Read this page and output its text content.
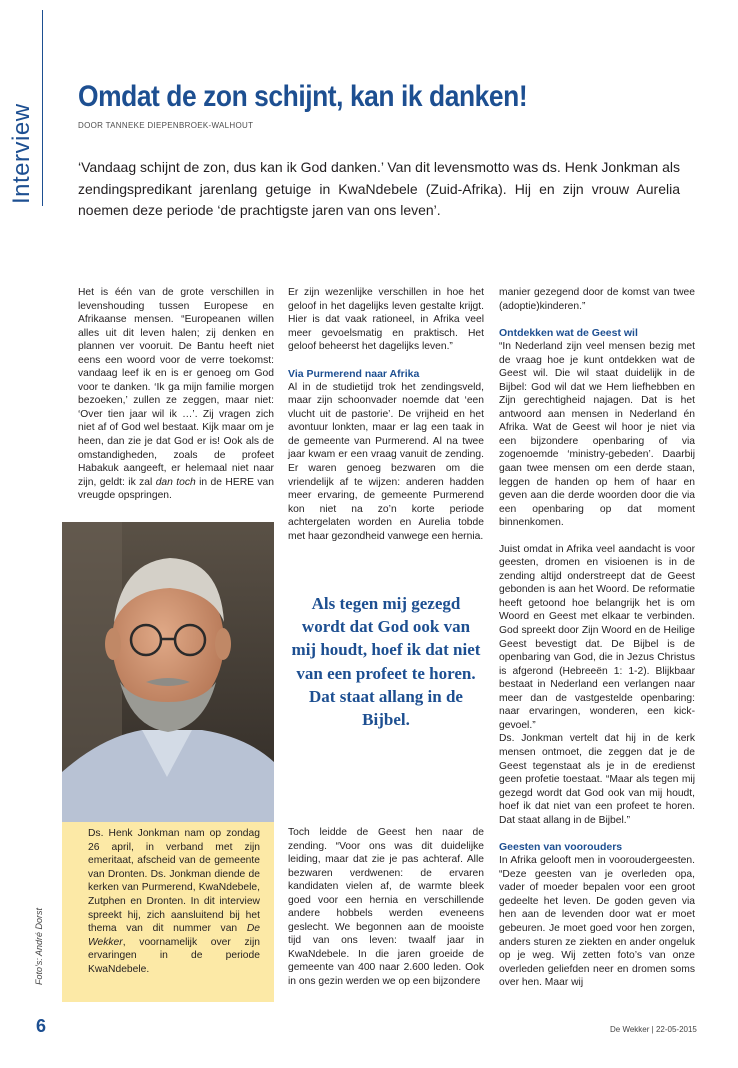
Interview
Omdat de zon schijnt, kan ik danken!
DOOR TANNEKE DIEPENBROEK-WALHOUT

‘Vandaag schijnt de zon, dus kan ik God danken.’ Van dit levensmotto was ds. Henk Jonkman als zendingspredikant jarenlang getuige in KwaNdebele (Zuid-Afrika). Hij en zijn vrouw Aurelia noemen deze periode ‘de prachtigste jaren van ons leven’.

Het is één van de grote verschillen in levenshouding tussen Europese en Afrikaanse mensen. “Europeanen willen alles uit dit leven halen; zij denken en plannen ver vooruit. De Bantu heeft niet eens een woord voor de verre toekomst: vandaag leef ik en is er genoeg om God voor te danken. ‘Ik ga mijn familie morgen bezoeken,’ zullen ze zeggen, maar niet: ‘Over tien jaar wil ik …’. Zij vragen zich niet af of God wel bestaat. Kijk maar om je heen, dan zie je dat God er is! Ook als de omstandigheden, zoals de profeet Habakuk aangeeft, er helemaal niet naar zijn, geldt: ik zal dan toch in de HERE van vreugde opspringen.

Ds. Henk Jonkman nam op zondag 26 april, in verband met zijn emeritaat, afscheid van de gemeente van Dronten. Ds. Jonkman diende de kerken van Purmerend, KwaNdebele, Zutphen en Dronten. In dit interview spreekt hij, zich aansluitend bij het thema van dit nummer van De Wekker, voornamelijk over zijn ervaringen in de periode KwaNdebele.

Er zijn wezenlijke verschillen in hoe het geloof in het dagelijks leven gestalte krijgt. Hier is dat vaak rationeel, in Afrika veel meer gevoelsmatig en praktisch. Het geloof beheerst het dagelijks leven.”

Via Purmerend naar Afrika

Al in de studietijd trok het zendingsveld, maar zijn schoonvader noemde dat ‘een vlucht uit de pastorie’. De vrijheid en het avontuur lonkten, maar er lag een taak in de gemeente van Purmerend. Al na twee jaar kwam er een vraag vanuit de zending. Er waren genoeg bezwaren om die vriendelijk af te wijzen: anderen hadden meer ervaring, de gemeente Purmerend kon niet na zo’n korte periode achtergelaten worden en Aurelia tobde met haar gezondheid vanwege een hernia.

Als tegen mij gezegd wordt dat God ook van mij houdt, hoef ik dat niet van een profeet te horen. Dat staat allang in de Bijbel.

Toch leidde de Geest hen naar de zending. “Voor ons was dit duidelijke leiding, maar dat zie je pas achteraf. Alle bezwaren verdwenen: de ervaren kandidaten vielen af, de warmte bleek goed voor een hernia en verschillende andere hobbels werden eveneens geslecht. We begonnen aan de mooiste tijd van ons leven: twaalf jaar in KwaNdebele. In die jaren groeide de gemeente van 400 naar 2.600 leden. Ook in ons gezin werden we op een bijzondere

manier gezegend door de komst van twee (adoptie)kinderen.”

Ontdekken wat de Geest wil

“In Nederland zijn veel mensen bezig met de vraag hoe je kunt ontdekken wat de Geest wil. Die wil staat duidelijk in de Bijbel: God wil dat we Hem liefhebben en Zijn gerechtigheid najagen. Dat is het antwoord aan mensen in Nederland én Afrika. Wat de Geest wil hoor je niet via een bijzondere openbaring of via zogenoemde ‘ministry-gebeden’. Daarbij gaan twee mensen om een derde staan, leggen de handen op hem of haar en geven aan die derde woorden door die via een openbaring op dat moment binnenkomen.

Juist omdat in Afrika veel aandacht is voor geesten, dromen en visioenen is in de zending altijd onderstreept dat de Geest gebonden is aan het Woord. De reformatie heeft getoond hoe belangrijk het is om Woord en Geest met elkaar te verbinden. God spreekt door Zijn Woord en de Heilige Geest bevestigt dat. De Bijbel is de openbaring van God, die in Jezus Christus is afgerond (Hebreeën 1: 1-2). Blijkbaar bestaat in Nederland een verlangen naar meer dan de vastgestelde openbaring: naar ervaringen, wonderen, een kick-gevoel.”

Ds. Jonkman vertelt dat hij in de kerk mensen ontmoet, die zeggen dat je de Geest tegenstaat als je in de eredienst geen profetie toestaat. “Maar als tegen mij gezegd wordt dat God ook van mij houdt, hoef ik dat niet van een profeet te horen. Dat staat allang in de Bijbel.”

Geesten van voorouders

In Afrika gelooft men in vooroudergeesten. “Deze geesten van je overleden opa, vader of moeder bepalen voor een groot gedeelte het leven. De goden geven via hen aan de levenden door wat er moet gebeuren. Je moet goed voor hen zorgen, anders sturen ze ziekten en ander ongeluk op je weg. Wij zetten foto’s van onze overleden geliefden neer en dromen soms over hen. Maar wij

Foto’s: André Dorst
6	De Wekker | 22-05-2015
